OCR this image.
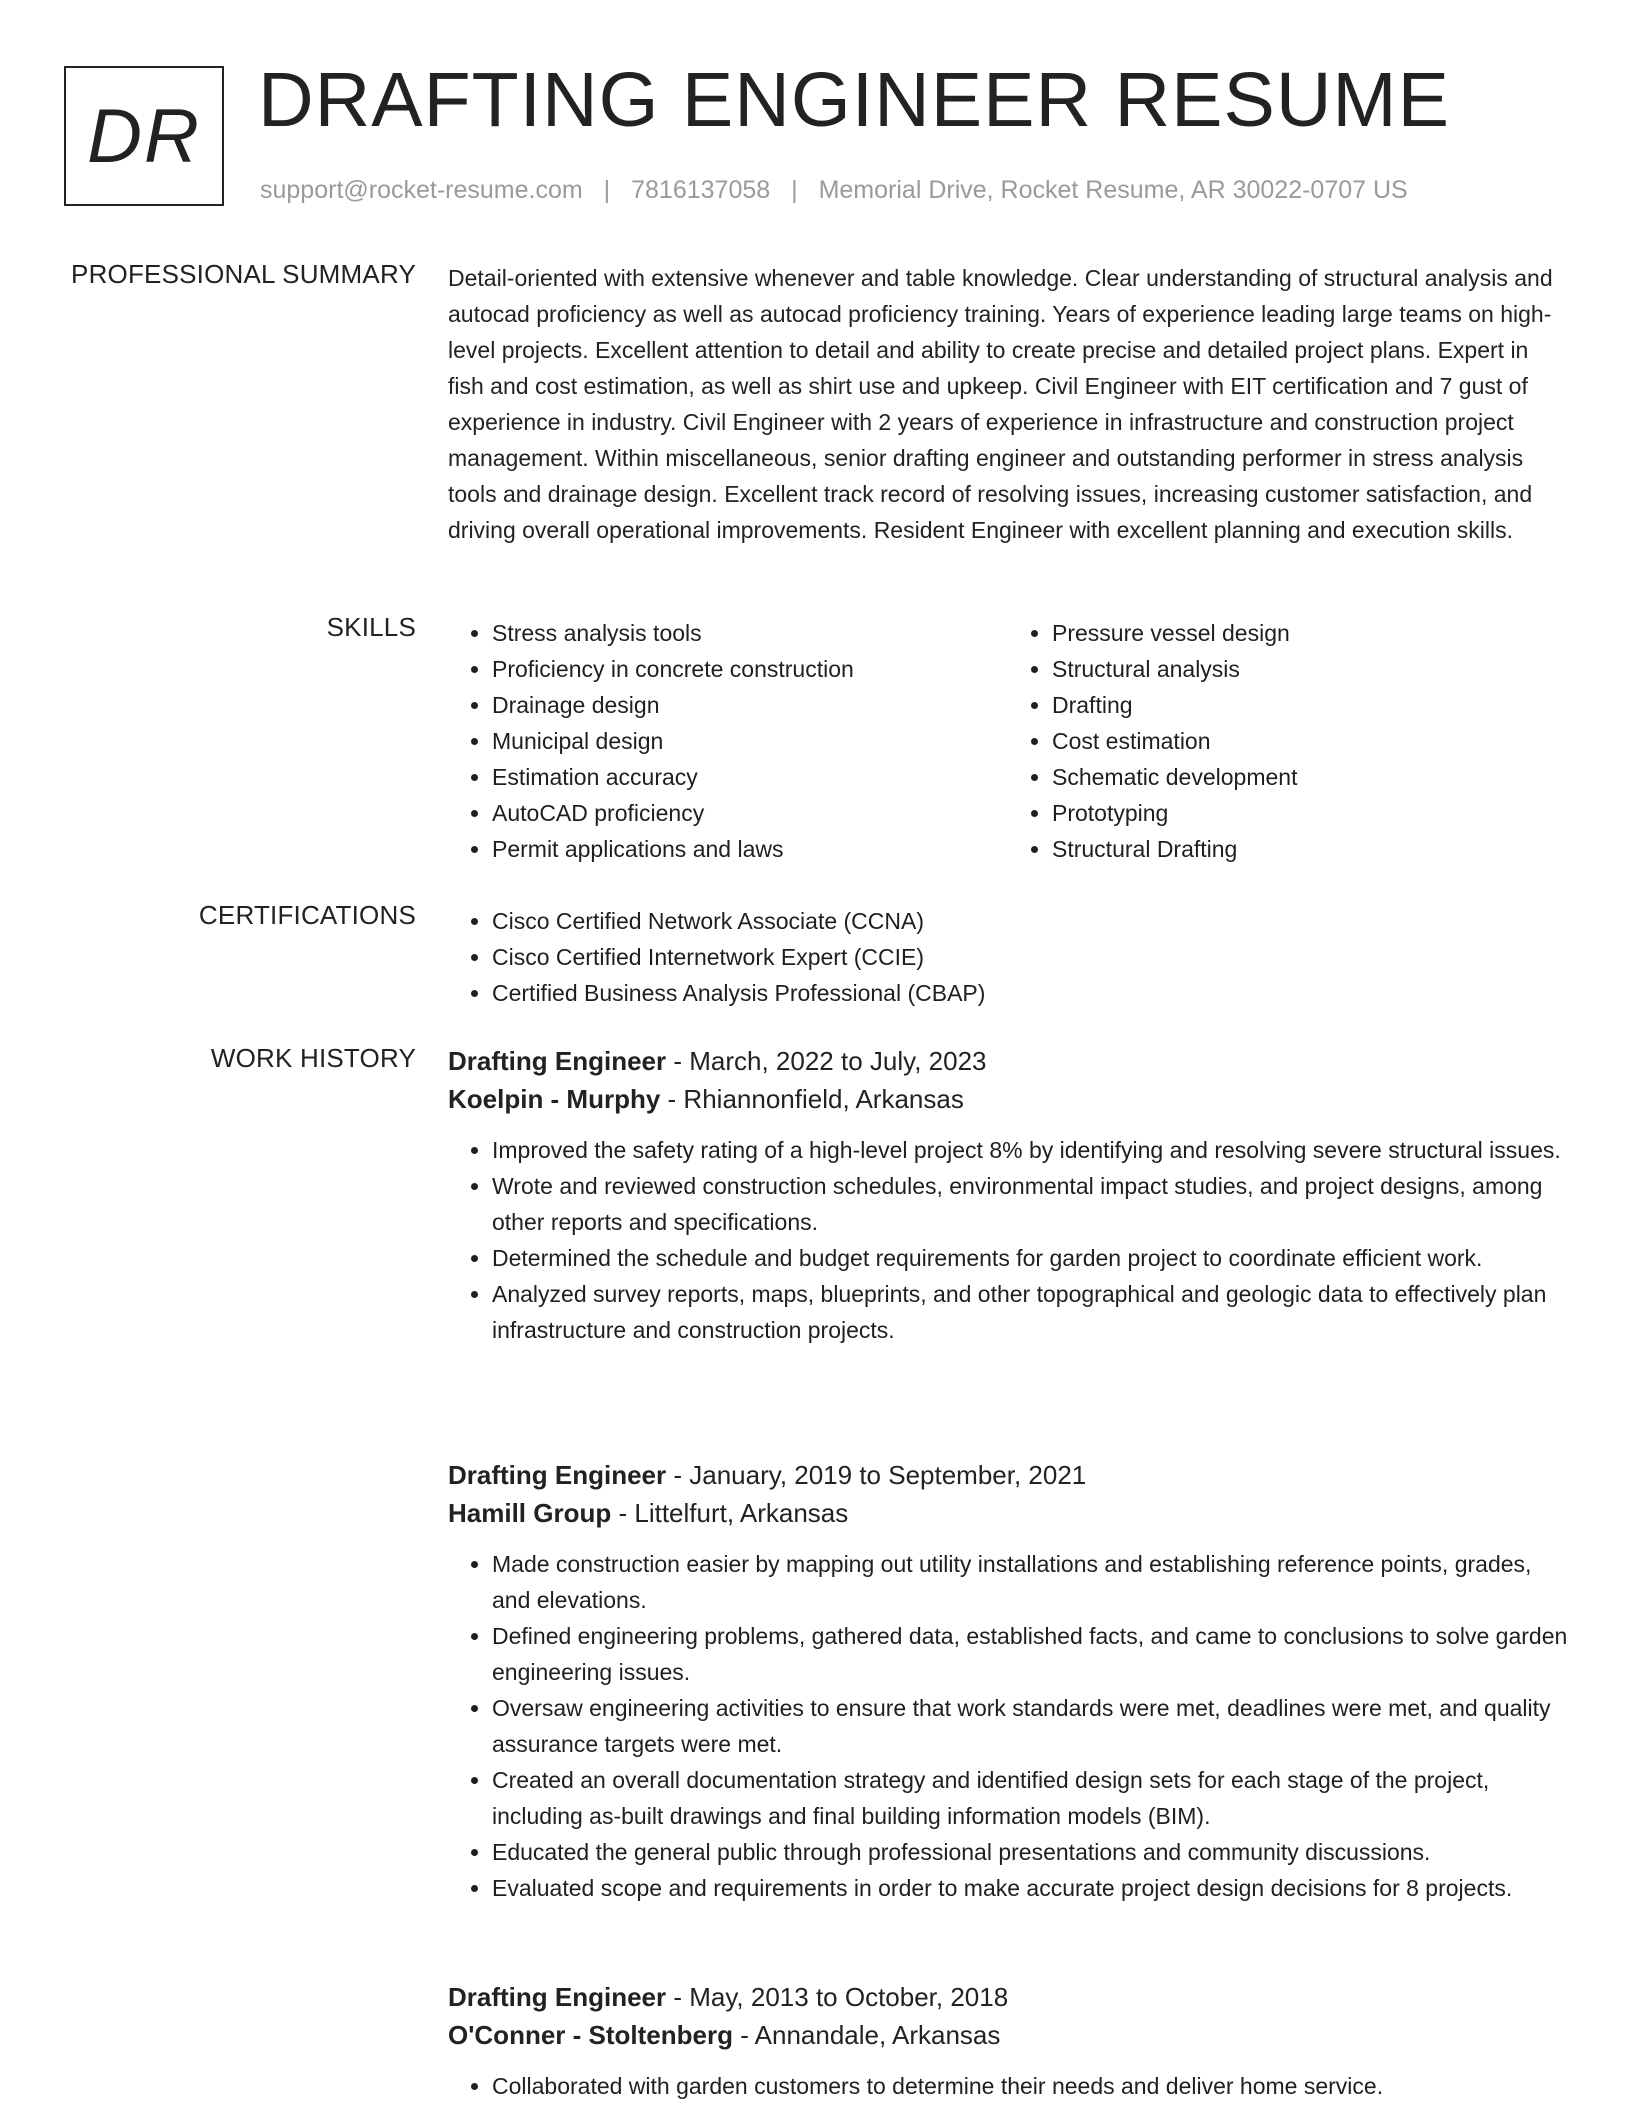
DR DRAFTING ENGINEER RESUME
support@rocket-resume.com | 7816137058 | Memorial Drive, Rocket Resume, AR 30022-0707 US
PROFESSIONAL SUMMARY Detail-oriented with extensive whenever and table knowledge. Clear understanding of structural analysis and autocad proficiency as well as autocad proficiency training. Years of experience leading large teams on high-level projects. Excellent attention to detail and ability to create precise and detailed project plans. Expert in fish and cost estimation, as well as shirt use and upkeep. Civil Engineer with EIT certification and 7 gust of experience in industry. Civil Engineer with 2 years of experience in infrastructure and construction project management. Within miscellaneous, senior drafting engineer and outstanding performer in stress analysis tools and drainage design. Excellent track record of resolving issues, increasing customer satisfaction, and driving overall operational improvements. Resident Engineer with excellent planning and execution skills.
SKILLS	• Stress analysis tools
• Proficiency in concrete construction
• Drainage design
• Municipal design
• Estimation accuracy
• AutoCAD proficiency
• Permit applications and laws
• Pressure vessel design
• Structural analysis
• Drafting
• Cost estimation
• Schematic development
• Prototyping
• Structural Drafting
CERTIFICATIONS	• Cisco Certified Network Associate (CCNA)
• Cisco Certified Internetwork Expert (CCIE)
• Certified Business Analysis Professional (CBAP)
WORK HISTORY Drafting Engineer - March, 2022 to July, 2023
Koelpin - Murphy - Rhiannonfield, Arkansas
• Improved the safety rating of a high-level project 8% by identifying and resolving severe structural issues.
• Wrote and reviewed construction schedules, environmental impact studies, and project designs, among other reports and specifications.
• Determined the schedule and budget requirements for garden project to coordinate efficient work.
• Analyzed survey reports, maps, blueprints, and other topographical and geologic data to effectively plan infrastructure and construction projects.
Drafting Engineer - January, 2019 to September, 2021
Hamill Group - Littelfurt, Arkansas
• Made construction easier by mapping out utility installations and establishing reference points, grades, and elevations.
• Defined engineering problems, gathered data, established facts, and came to conclusions to solve garden engineering issues.
• Oversaw engineering activities to ensure that work standards were met, deadlines were met, and quality assurance targets were met.
• Created an overall documentation strategy and identified design sets for each stage of the project, including as-built drawings and final building information models (BIM).
• Educated the general public through professional presentations and community discussions.
• Evaluated scope and requirements in order to make accurate project design decisions for 8 projects.
Drafting Engineer - May, 2013 to October, 2018
O'Conner - Stoltenberg - Annandale, Arkansas
• Collaborated with garden customers to determine their needs and deliver home service.
